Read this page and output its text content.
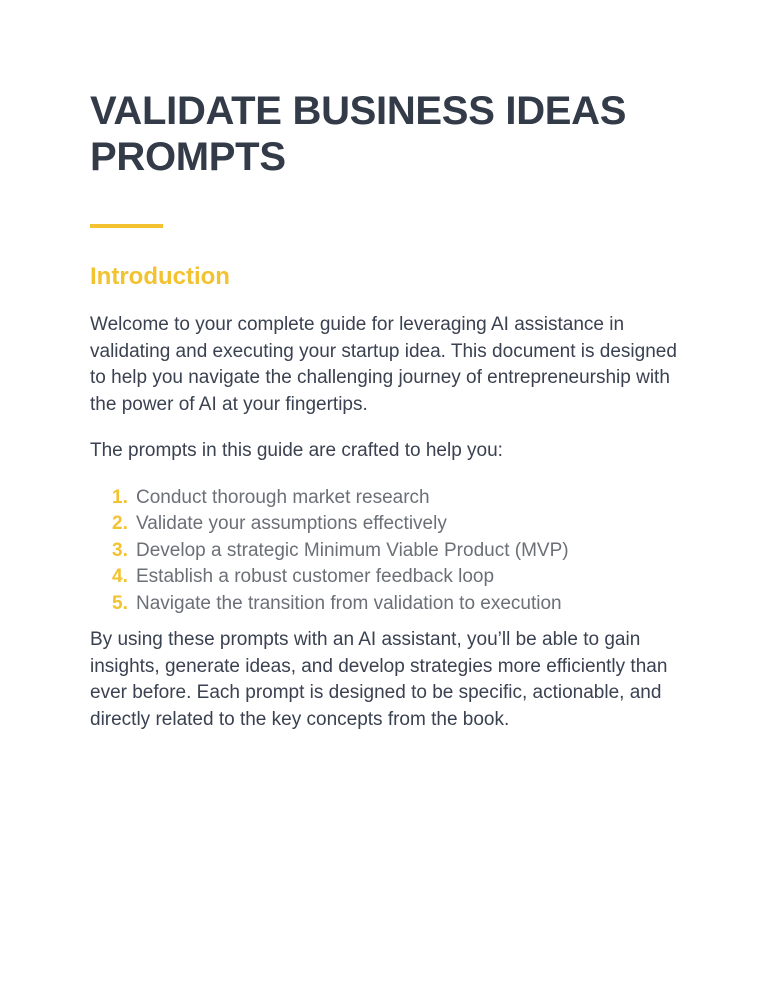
VALIDATE BUSINESS IDEAS
PROMPTS
Introduction

Welcome to your complete guide for leveraging AI assistance in validating and executing your startup idea. This document is designed to help you navigate the challenging journey of entrepreneurship with the power of AI at your fingertips.

The prompts in this guide are crafted to help you:

1. Conduct thorough market research
2. Validate your assumptions effectively
3. Develop a strategic Minimum Viable Product (MVP)
4. Establish a robust customer feedback loop
5. Navigate the transition from validation to execution

By using these prompts with an AI assistant, you’ll be able to gain insights, generate ideas, and develop strategies more efficiently than ever before. Each prompt is designed to be specific, actionable, and directly related to the key concepts from the book.
